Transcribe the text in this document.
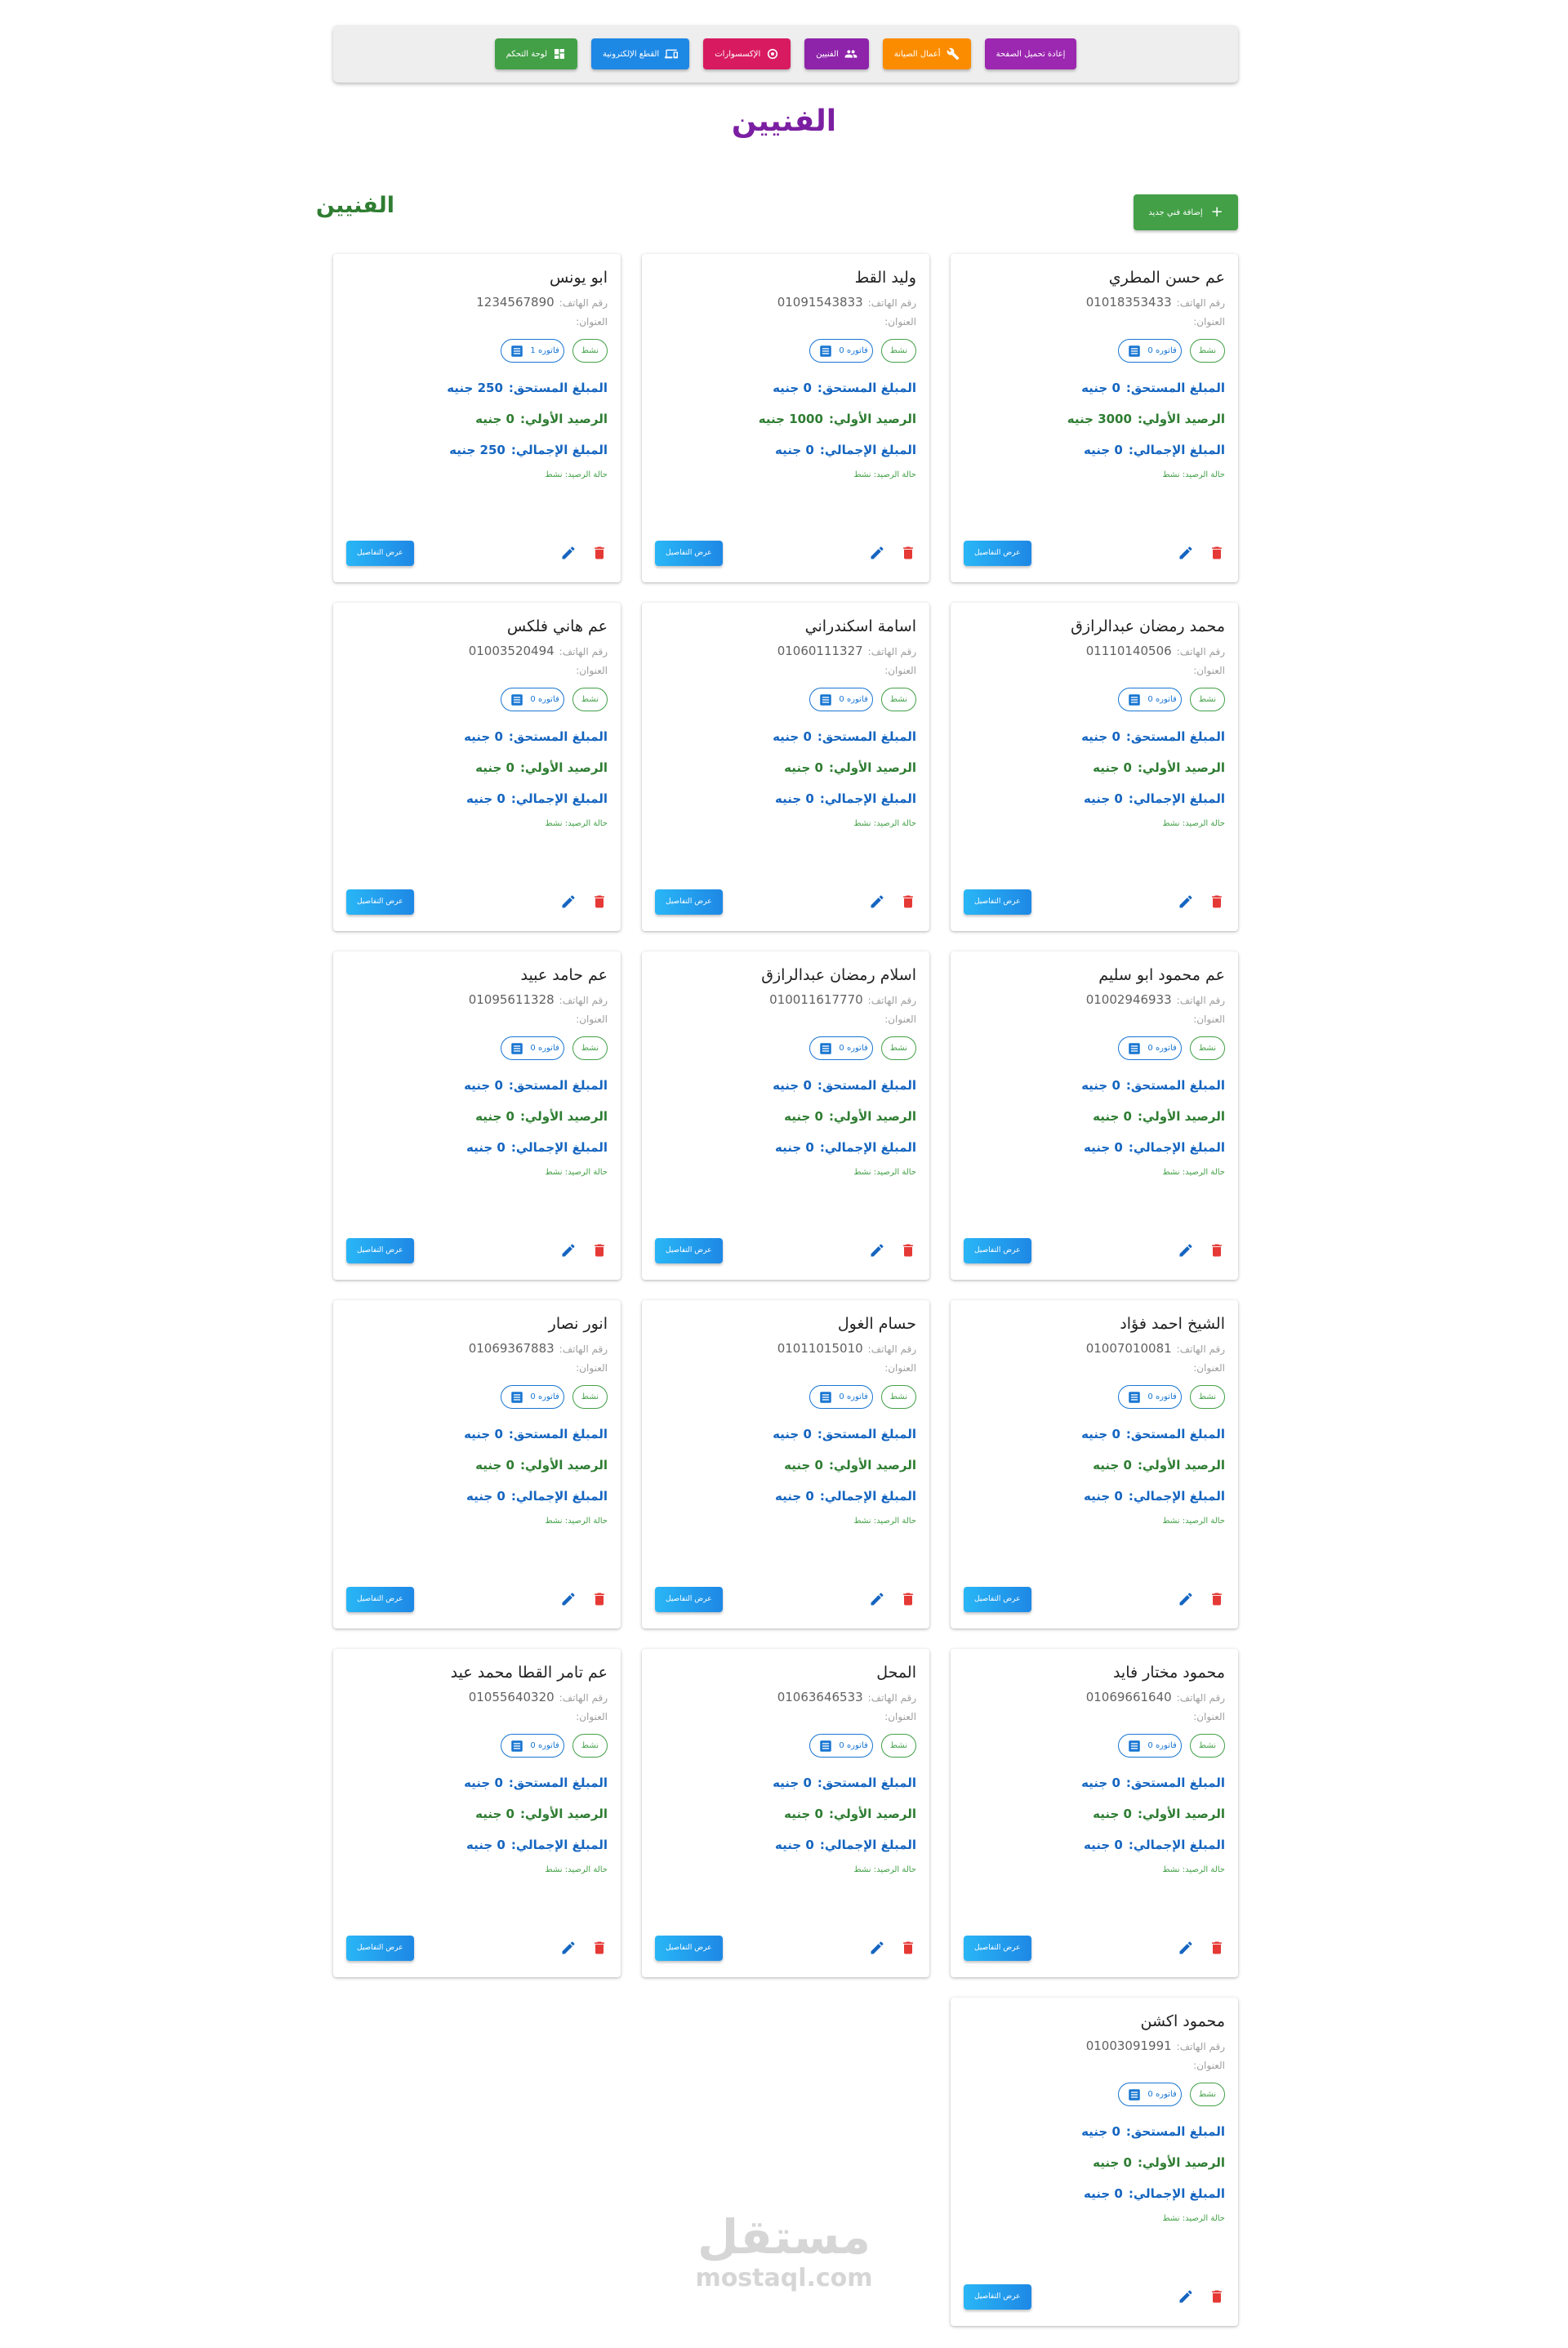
إعادة تحميل الصفحة
أعمال الصيانة
الفنيين
الإكسسوارات
القطع الإلكترونية
لوحة التحكم
الفنيين
الفنيين	+
إضافة فني جديد
عم حسن المطري
رقم الهاتف:
01018353433
العنوان:
نشط
فاتوره 0
المبلغ المستحق:
0 جنيه
الرصيد الأولي:
3000 جنيه
المبلغ الإجمالي:
0 جنيه
حالة الرصيد: نشط
عرض التفاصيل
وليد القط
رقم الهاتف:
01091543833
العنوان:
نشط
فاتوره 0
المبلغ المستحق:
0 جنيه
الرصيد الأولي:
1000 جنيه
المبلغ الإجمالي:
0 جنيه
حالة الرصيد: نشط
عرض التفاصيل
ابو يونس
رقم الهاتف:
1234567890
العنوان:
نشط
فاتوره 1
المبلغ المستحق:
250 جنيه
الرصيد الأولي:
0 جنيه
المبلغ الإجمالي:
250 جنيه
حالة الرصيد: نشط
عرض التفاصيل
محمد رمضان عبدالرازق
رقم الهاتف:
01110140506
العنوان:
نشط
فاتوره 0
المبلغ المستحق:
0 جنيه
الرصيد الأولي:
0 جنيه
المبلغ الإجمالي:
0 جنيه
حالة الرصيد: نشط
عرض التفاصيل
اسامة اسكندراني
رقم الهاتف:
01060111327
العنوان:
نشط
فاتوره 0
المبلغ المستحق:
0 جنيه
الرصيد الأولي:
0 جنيه
المبلغ الإجمالي:
0 جنيه
حالة الرصيد: نشط
عرض التفاصيل
عم هاني فلكس
رقم الهاتف:
01003520494
العنوان:
نشط
فاتوره 0
المبلغ المستحق:
0 جنيه
الرصيد الأولي:
0 جنيه
المبلغ الإجمالي:
0 جنيه
حالة الرصيد: نشط
عرض التفاصيل
عم محمود ابو سليم
رقم الهاتف:
01002946933
العنوان:
نشط
فاتوره 0
المبلغ المستحق:
0 جنيه
الرصيد الأولي:
0 جنيه
المبلغ الإجمالي:
0 جنيه
حالة الرصيد: نشط
عرض التفاصيل
اسلام رمضان عبدالرازق
رقم الهاتف:
010011617770
العنوان:
نشط
فاتوره 0
المبلغ المستحق:
0 جنيه
الرصيد الأولي:
0 جنيه
المبلغ الإجمالي:
0 جنيه
حالة الرصيد: نشط
عرض التفاصيل
عم حامد عبيد
رقم الهاتف:
01095611328
العنوان:
نشط
فاتوره 0
المبلغ المستحق:
0 جنيه
الرصيد الأولي:
0 جنيه
المبلغ الإجمالي:
0 جنيه
حالة الرصيد: نشط
عرض التفاصيل
الشيخ احمد فؤاد
رقم الهاتف:
01007010081
العنوان:
نشط
فاتوره 0
المبلغ المستحق:
0 جنيه
الرصيد الأولي:
0 جنيه
المبلغ الإجمالي:
0 جنيه
حالة الرصيد: نشط
عرض التفاصيل
حسام الغول
رقم الهاتف:
01011015010
العنوان:
نشط
فاتوره 0
المبلغ المستحق:
0 جنيه
الرصيد الأولي:
0 جنيه
المبلغ الإجمالي:
0 جنيه
حالة الرصيد: نشط
عرض التفاصيل
انور نصار
رقم الهاتف:
01069367883
العنوان:
نشط
فاتوره 0
المبلغ المستحق:
0 جنيه
الرصيد الأولي:
0 جنيه
المبلغ الإجمالي:
0 جنيه
حالة الرصيد: نشط
عرض التفاصيل
محمود مختار فايد
رقم الهاتف:
01069661640
العنوان:
نشط
فاتوره 0
المبلغ المستحق:
0 جنيه
الرصيد الأولي:
0 جنيه
المبلغ الإجمالي:
0 جنيه
حالة الرصيد: نشط
عرض التفاصيل
المحل
رقم الهاتف:
01063646533
العنوان:
نشط
فاتوره 0
المبلغ المستحق:
0 جنيه
الرصيد الأولي:
0 جنيه
المبلغ الإجمالي:
0 جنيه
حالة الرصيد: نشط
عرض التفاصيل
عم تامر القطا محمد عيد
رقم الهاتف:
01055640320
العنوان:
نشط
فاتوره 0
المبلغ المستحق:
0 جنيه
الرصيد الأولي:
0 جنيه
المبلغ الإجمالي:
0 جنيه
حالة الرصيد: نشط
عرض التفاصيل
محمود اكشن
رقم الهاتف:
01003091991
العنوان:
نشط
فاتوره 0
المبلغ المستحق:
0 جنيه
الرصيد الأولي:
0 جنيه
المبلغ الإجمالي:
0 جنيه
حالة الرصيد: نشط
عرض التفاصيل
مستقل
mostaql.com
